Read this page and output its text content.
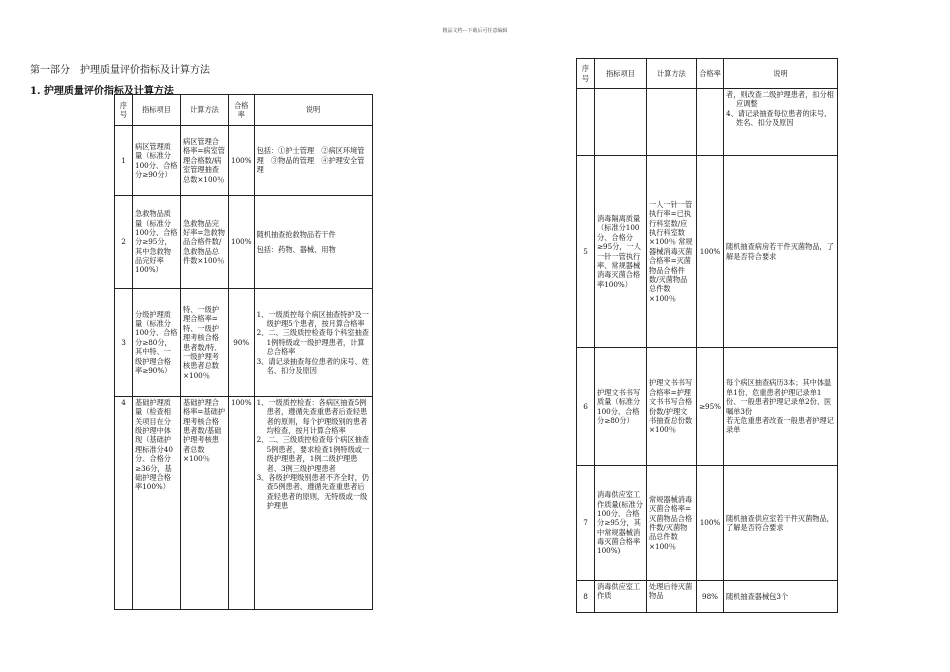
精品文档---下载后可任意编辑
第一部分　护理质量评价指标及计算方法
1. 护理质量评价指标及计算方法
序号	指标项目	计算方法	合格率	说明
1	病区管理质量（标准分100分、合格分≥90分）	病区管理合格率=病室管理合格数/病室管理抽查总数×100％	100%	包括：①护士管理　②病区环境管理　③物品的管理　④护理安全管理

2	急救物品质量（标准分100分、合格分≥95分，其中急救物品完好率100%）	急救物品完好率=急救物品合格件数/急救物品总件数×100％	100%	随机抽查抢救物品若干件
包括：药物、器械、用物

3	分级护理质量（标准分100分、合格分≥80分，其中特、一级护理合格率≥90%）	特、一级护理合格率=特、一级护理考核合格患者数/特、一级护理考核患者总数×100％	90%	1、一级质控每个病区抽查特护及一级护理5个患者，按月算合格率
2、二、三级质控检查每个科室抽查1例特级或一级护理患者，计算总合格率
3、请记录抽查每位患者的床号、姓名、扣分及原因

4	基础护理质量（检查相关项目在分级护理中体现（基础护理标准分40分、合格分≥36分，基础护理合格率100%）	基础护理合格率=基础护理考核合格患者数/基础护理考核患者总数×100％	100%	1、一级质控检查：各病区抽查5例患者，遵循先查重患者后查轻患者的原则，每个护理级别的患者均检查，按月计算合格率
2、二、三级质控检查每个病区抽查5例患者，要求检查1例特级或一级护理患者，1例二级护理患者、3例三级护理患者
3、各级护理级别患者不齐全时，仍查5例患者、遵循先查重患者后查轻患者的原则，无特级或一级护理患
序号	指标项目	计算方法	合格率	说明

				者，则改查二级护理患者，扣分相应调整
4、请记录抽查每位患者的床号、姓名、扣分及原因

5	消毒隔离质量（标准分100分、合格分≥95分，一人一针一管执行率、常规器械消毒灭菌合格率100%）	一人一针一管执行率=已执行科室数/应执行科室数×100％ 常规器械消毒灭菌合格率=灭菌物品合格件数/灭菌物品总件数×100％	100%	随机抽查病房若干件灭菌物品，了解是否符合要求

6	护理文书书写质量（标准分100分、合格分≥80分）	护理文书书写合格率=护理文书书写合格份数/护理文书抽查总份数×100％	≥95%	每个病区抽查病历3本；其中体温单1份、危重患者护理记录单1份、一般患者护理记录单2份、医嘱单3份
若无危重患者改查一般患者护理记录单

7	消毒供应室工作质量(标准分100分、合格分≥95分，其中常规器械消毒灭菌合格率100%)	常规器械消毒灭菌合格率=灭菌物品合格件数/灭菌物品总件数×100％	100%	随机抽查供应室若干件灭菌物品，了解是否符合要求

8	消毒供应室工作质	处理后待灭菌物品	98%	随机抽查器械包3个
